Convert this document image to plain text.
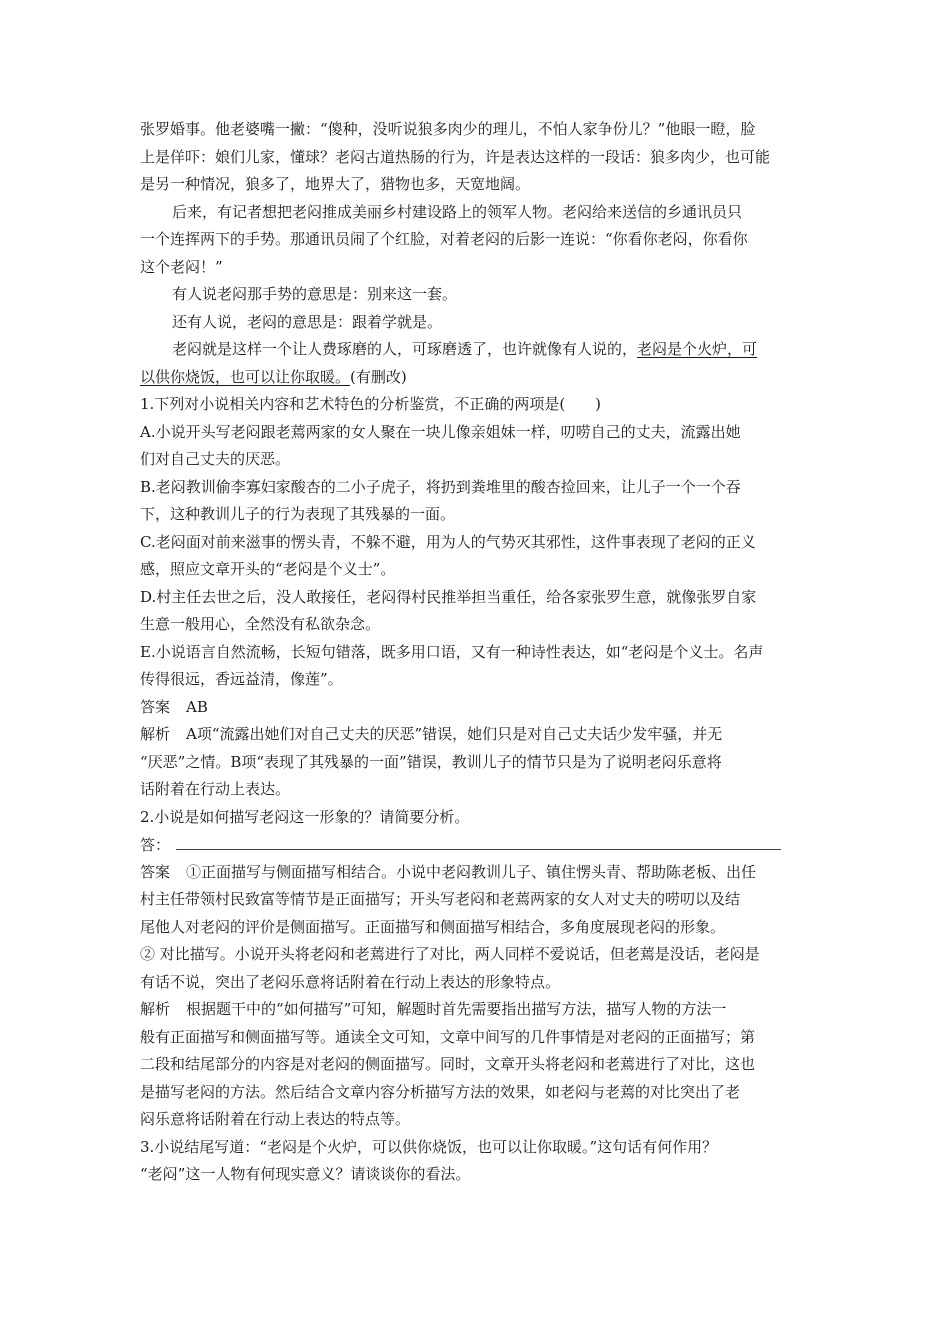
张罗婚事。他老婆嘴一撇：“傻种，没听说狼多肉少的理儿，不怕人家争份儿？”他眼一瞪，脸
上是佯吓：娘们儿家，懂球？老闷古道热肠的行为，许是表达这样的一段话：狼多肉少，也可能
是另一种情况，狼多了，地界大了，猎物也多，天宽地阔。
后来，有记者想把老闷推成美丽乡村建设路上的领军人物。老闷给来送信的乡通讯员只
一个连挥两下的手势。那通讯员闹了个红脸，对着老闷的后影一连说：“你看你老闷，你看你
这个老闷！”
有人说老闷那手势的意思是：别来这一套。
还有人说，老闷的意思是：跟着学就是。
老闷就是这样一个让人费琢磨的人，可琢磨透了，也许就像有人说的，老闷是个火炉，可
以供你烧饭，也可以让你取暖。(有删改)
1.下列对小说相关内容和艺术特色的分析鉴赏，不正确的两项是(　　)
A.小说开头写老闷跟老蔫两家的女人聚在一块儿像亲姐妹一样，叨唠自己的丈夫，流露出她
们对自己丈夫的厌恶。
B.老闷教训偷李寡妇家酸杏的二小子虎子，将扔到粪堆里的酸杏捡回来，让儿子一个一个吞
下，这种教训儿子的行为表现了其残暴的一面。
C.老闷面对前来滋事的愣头青，不躲不避，用为人的气势灭其邪性，这件事表现了老闷的正义
感，照应文章开头的“老闷是个义士”。
D.村主任去世之后，没人敢接任，老闷得村民推举担当重任，给各家张罗生意，就像张罗自家
生意一般用心，全然没有私欲杂念。
E.小说语言自然流畅，长短句错落，既多用口语，又有一种诗性表达，如“老闷是个义士。名声
传得很远，香远益清，像莲”。
答案 AB
解析 A项“流露出她们对自己丈夫的厌恶”错误，她们只是对自己丈夫话少发牢骚，并无
“厌恶”之情。B项“表现了其残暴的一面”错误，教训儿子的情节只是为了说明老闷乐意将
话附着在行动上表达。
2.小说是如何描写老闷这一形象的？请简要分析。
答：
答案 ①正面描写与侧面描写相结合。小说中老闷教训儿子、镇住愣头青、帮助陈老板、出任
村主任带领村民致富等情节是正面描写；开头写老闷和老蔫两家的女人对丈夫的唠叨以及结
尾他人对老闷的评价是侧面描写。正面描写和侧面描写相结合，多角度展现老闷的形象。
② 对比描写。小说开头将老闷和老蔫进行了对比，两人同样不爱说话，但老蔫是没话，老闷是
有话不说，突出了老闷乐意将话附着在行动上表达的形象特点。
解析 根据题干中的“如何描写”可知，解题时首先需要指出描写方法，描写人物的方法一
般有正面描写和侧面描写等。通读全文可知，文章中间写的几件事情是对老闷的正面描写；第
二段和结尾部分的内容是对老闷的侧面描写。同时，文章开头将老闷和老蔫进行了对比，这也
是描写老闷的方法。然后结合文章内容分析描写方法的效果，如老闷与老蔫的对比突出了老
闷乐意将话附着在行动上表达的特点等。
3.小说结尾写道：“老闷是个火炉，可以供你烧饭，也可以让你取暖。”这句话有何作用？
“老闷”这一人物有何现实意义？请谈谈你的看法。
